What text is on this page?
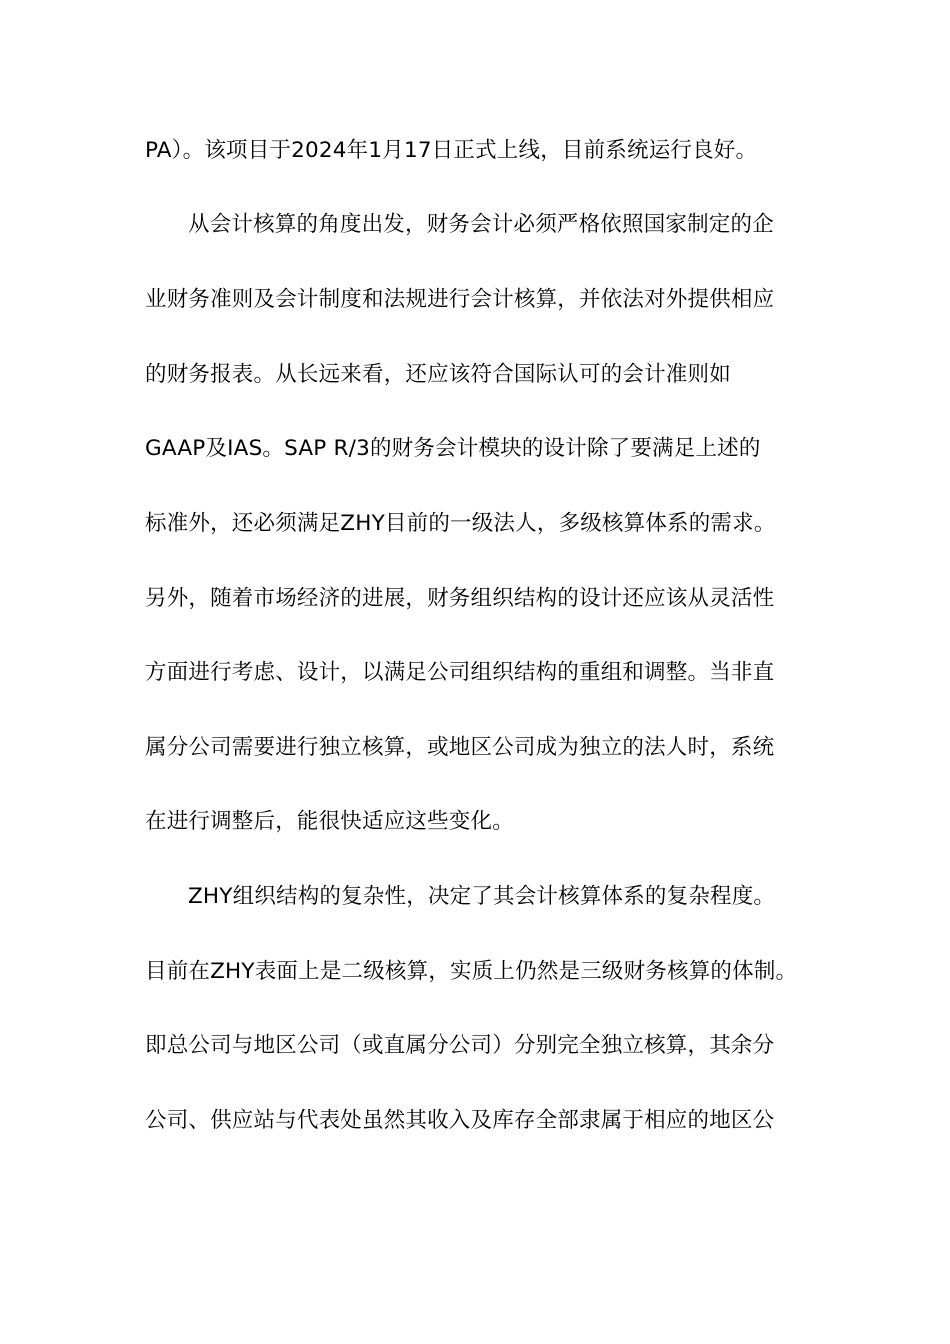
PA）。该项目于2024年1月17日正式上线，目前系统运行良好。
从会计核算的角度出发，财务会计必须严格依照国家制定的企
业财务准则及会计制度和法规进行会计核算，并依法对外提供相应
的财务报表。从长远来看，还应该符合国际认可的会计准则如
GAAP及IAS。SAP R/3的财务会计模块的设计除了要满足上述的
标准外，还必须满足ZHY目前的一级法人，多级核算体系的需求。
另外，随着市场经济的进展，财务组织结构的设计还应该从灵活性
方面进行考虑、设计，以满足公司组织结构的重组和调整。当非直
属分公司需要进行独立核算，或地区公司成为独立的法人时，系统
在进行调整后，能很快适应这些变化。
ZHY组织结构的复杂性，决定了其会计核算体系的复杂程度。
目前在ZHY表面上是二级核算，实质上仍然是三级财务核算的体制。
即总公司与地区公司（或直属分公司）分别完全独立核算，其余分
公司、供应站与代表处虽然其收入及库存全部隶属于相应的地区公
